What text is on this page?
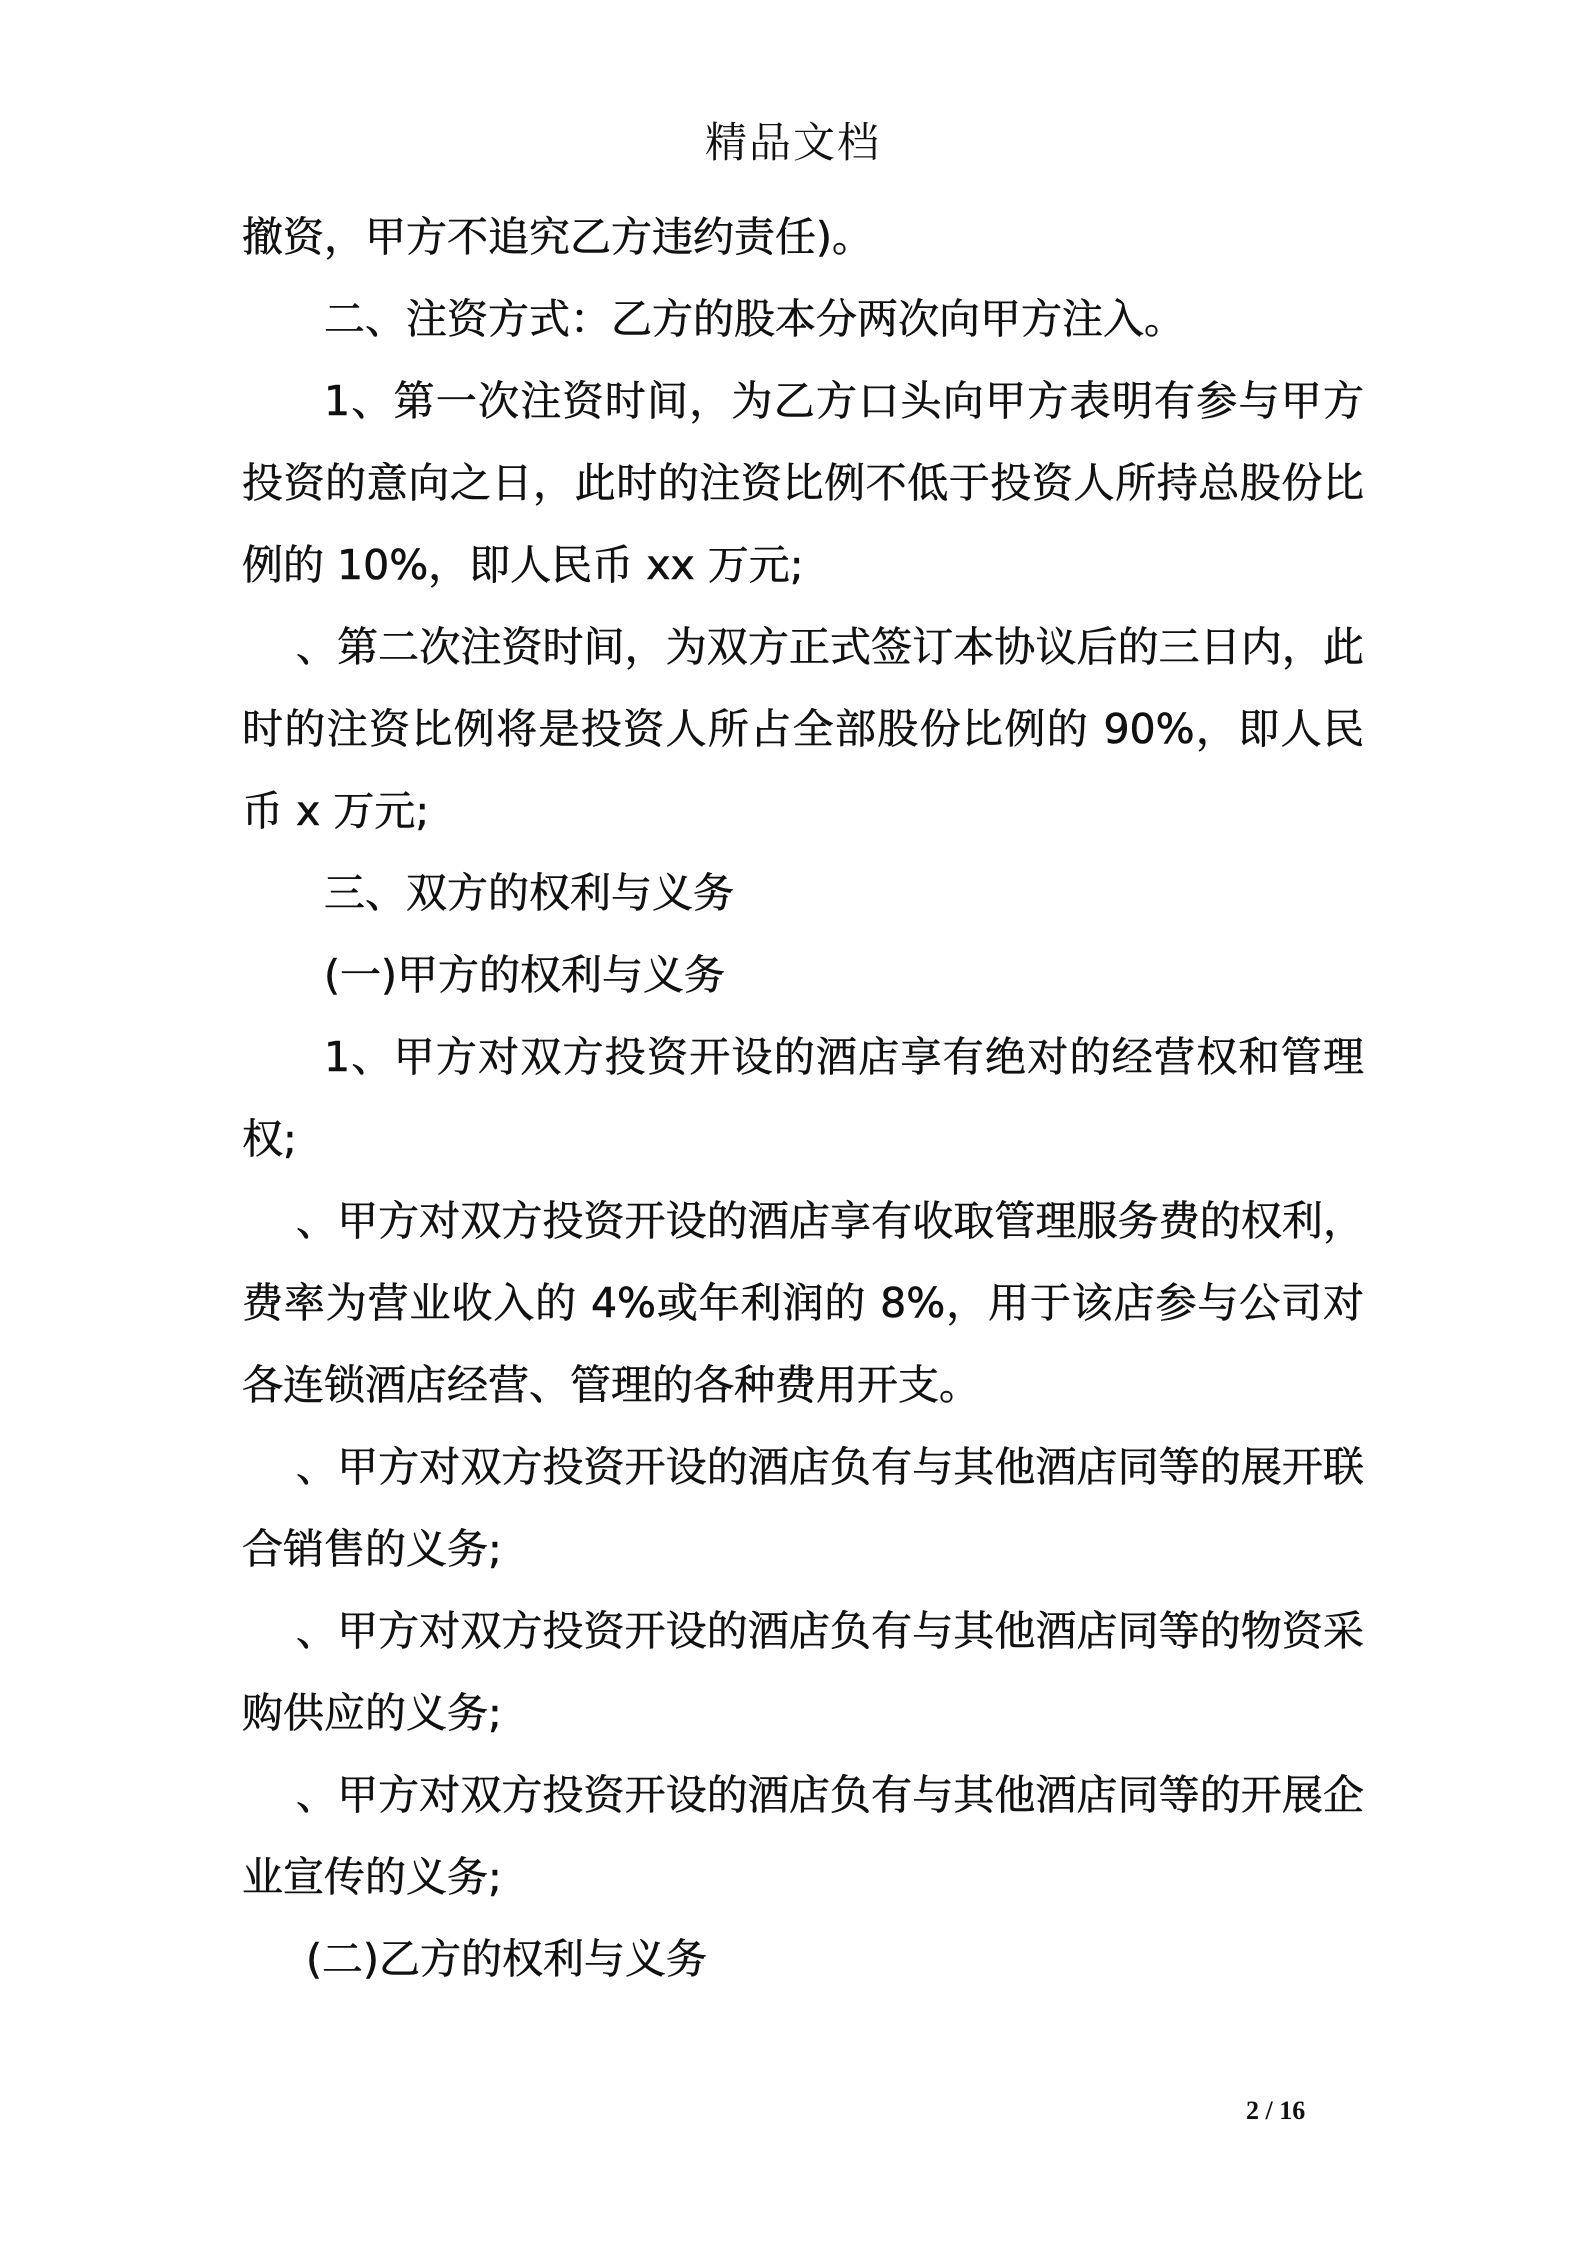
精品文档

撤资，甲方不追究乙方违约责任)。

二、注资方式：乙方的股本分两次向甲方注入。

1、第一次注资时间，为乙方口头向甲方表明有参与甲方投资的意向之日，此时的注资比例不低于投资人所持总股份比例的 10%，即人民币 xx 万元;

、第二次注资时间，为双方正式签订本协议后的三日内，此时的注资比例将是投资人所占全部股份比例的 90%，即人民币 x 万元;

三、双方的权利与义务

(一)甲方的权利与义务

1、甲方对双方投资开设的酒店享有绝对的经营权和管理权;

、甲方对双方投资开设的酒店享有收取管理服务费的权利，费率为营业收入的 4%或年利润的 8%，用于该店参与公司对各连锁酒店经营、管理的各种费用开支。

、甲方对双方投资开设的酒店负有与其他酒店同等的展开联合销售的义务;

、甲方对双方投资开设的酒店负有与其他酒店同等的物资采购供应的义务;

、甲方对双方投资开设的酒店负有与其他酒店同等的开展企业宣传的义务;

(二)乙方的权利与义务

2 / 16
